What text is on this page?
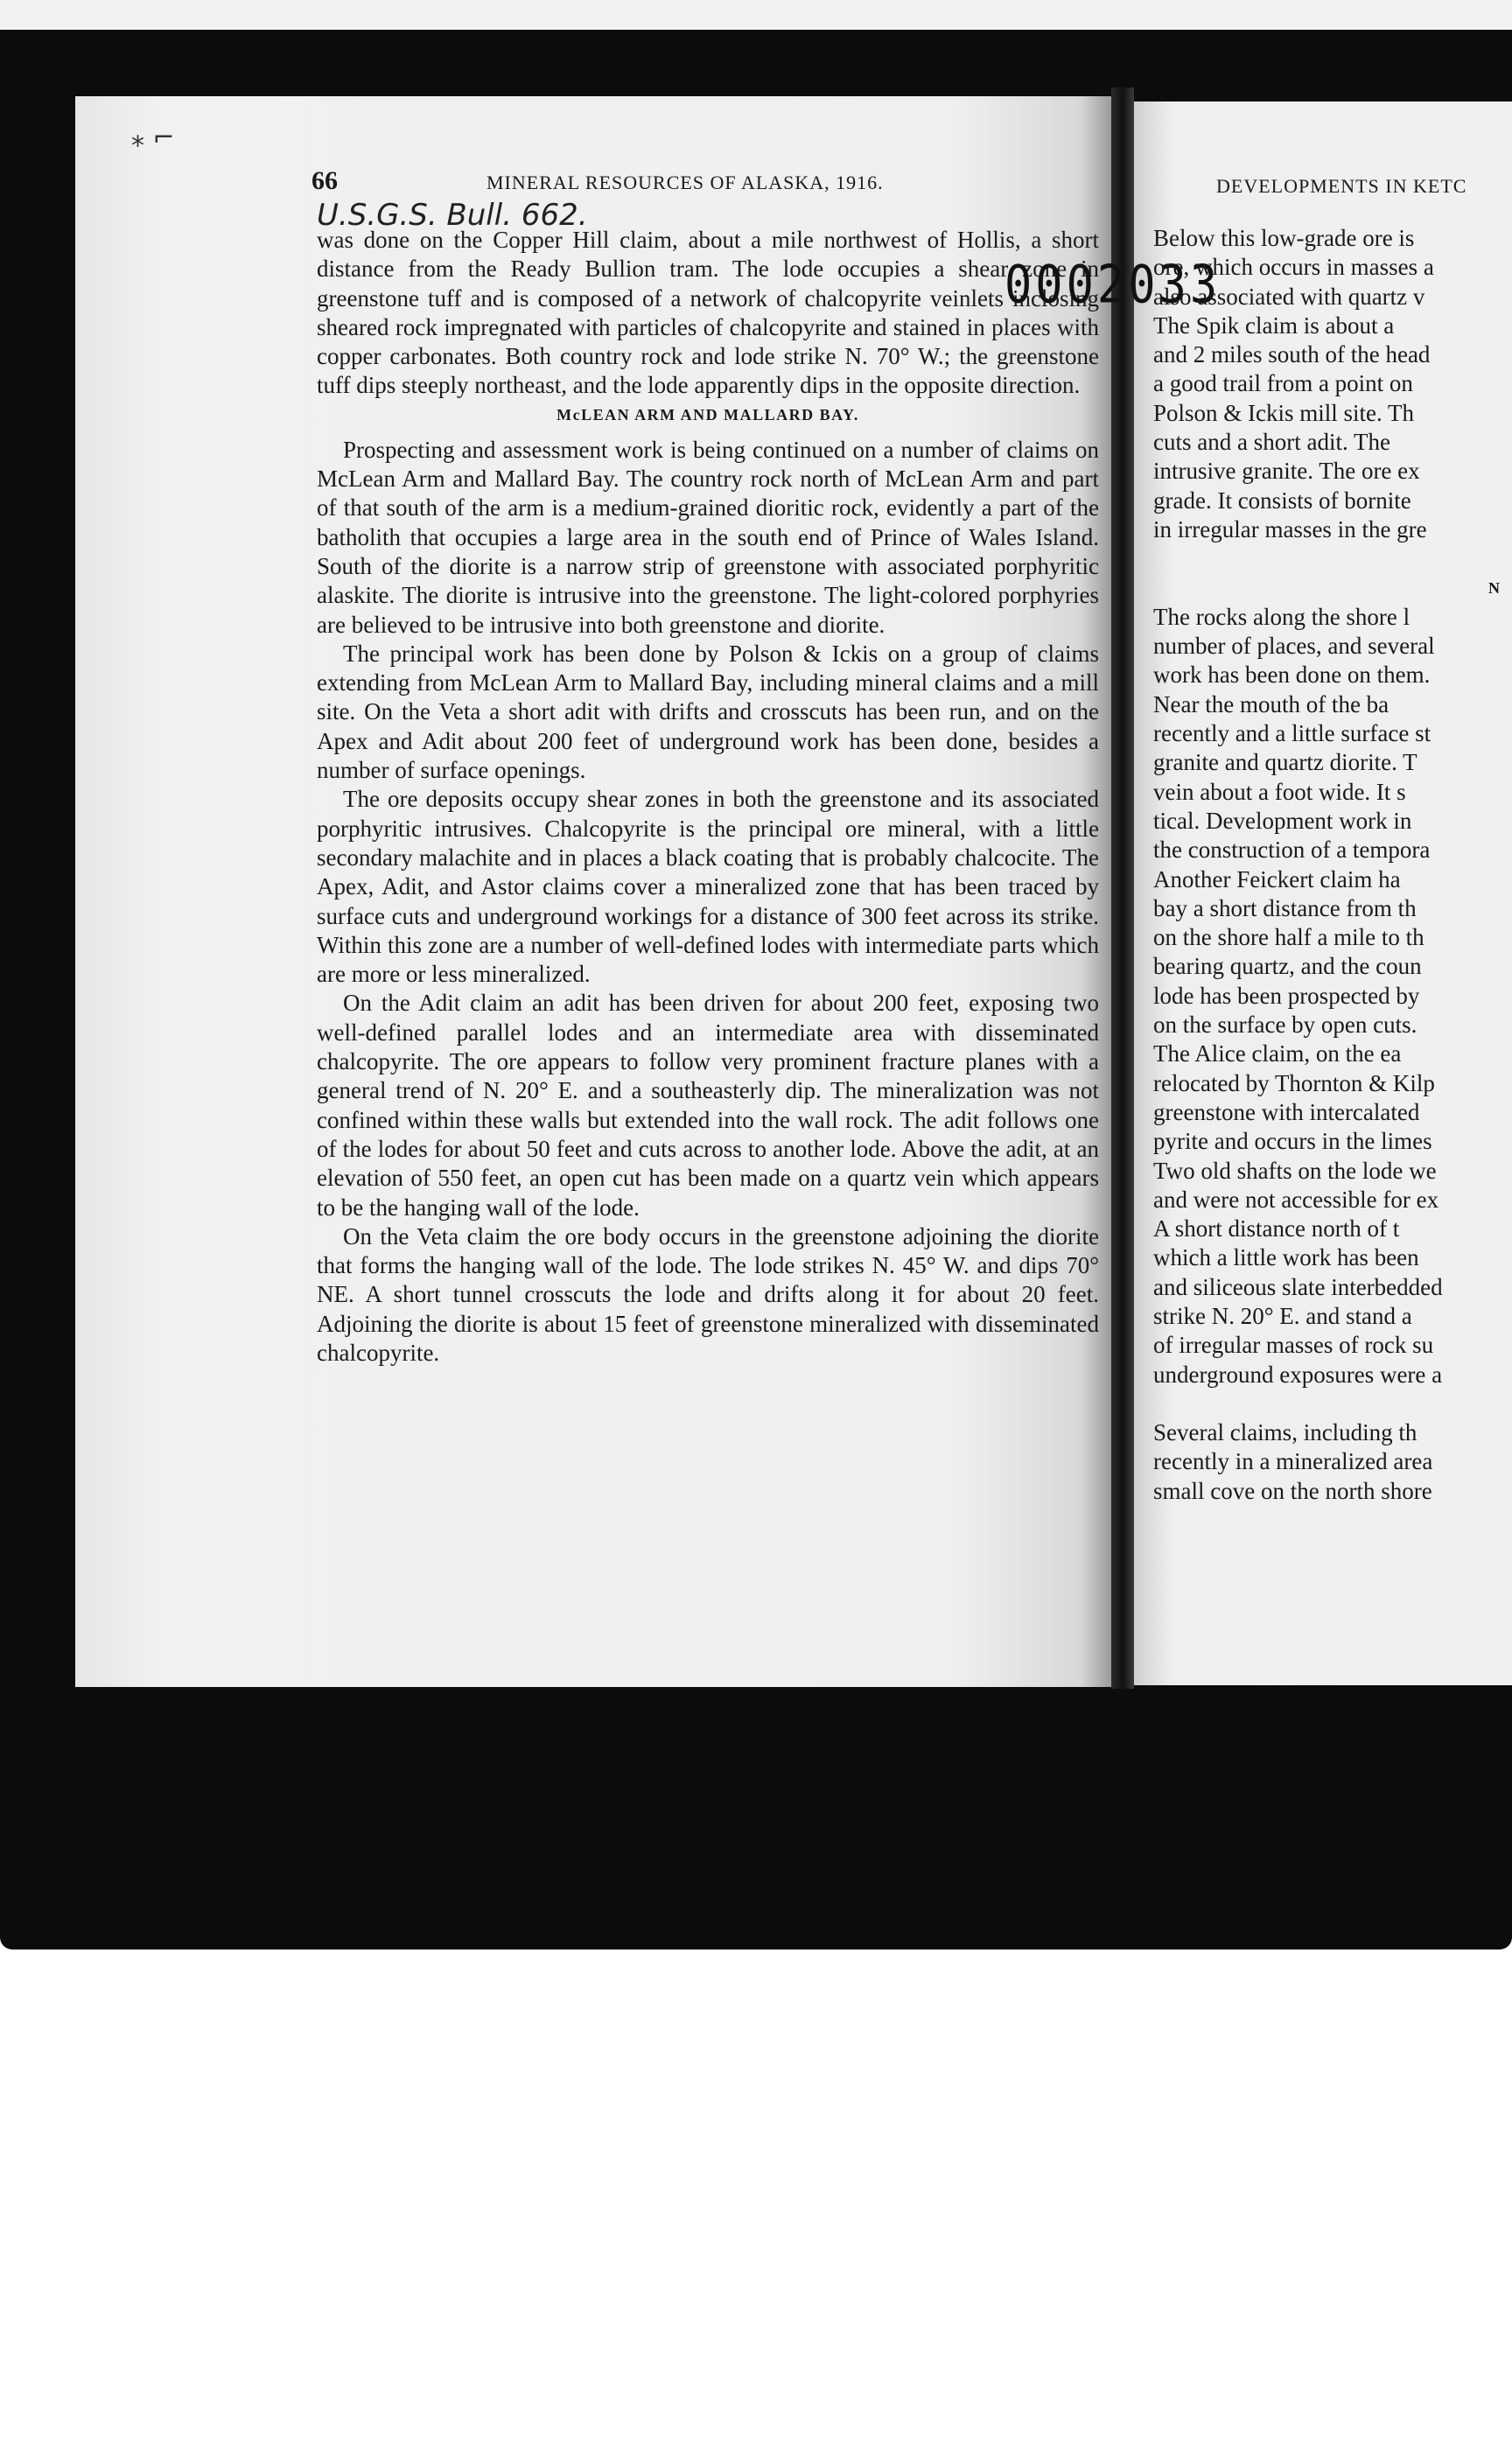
⁎ ⌐
66	MINERAL RESOURCES OF ALASKA, 1916.
U.S.G.S. Bull. 662.

was done on the Copper Hill claim, about a mile northwest of Hollis, a short distance from the Ready Bullion tram. The lode occupies a shear zone in greenstone tuff and is composed of a network of chalcopyrite veinlets inclosing sheared rock impregnated with particles of chalcopyrite and stained in places with copper carbonates. Both country rock and lode strike N. 70° W.; the greenstone tuff dips steeply northeast, and the lode apparently dips in the opposite direction.

McLEAN ARM AND MALLARD BAY.

Prospecting and assessment work is being continued on a number of claims on McLean Arm and Mallard Bay. The country rock north of McLean Arm and part of that south of the arm is a medium-grained dioritic rock, evidently a part of the batholith that occupies a large area in the south end of Prince of Wales Island. South of the diorite is a narrow strip of greenstone with associated porphyritic alaskite. The diorite is intrusive into the greenstone. The light-colored porphyries are believed to be intrusive into both greenstone and diorite.

The principal work has been done by Polson & Ickis on a group of claims extending from McLean Arm to Mallard Bay, including mineral claims and a mill site. On the Veta a short adit with drifts and crosscuts has been run, and on the Apex and Adit about 200 feet of underground work has been done, besides a number of surface openings.

The ore deposits occupy shear zones in both the greenstone and its associated porphyritic intrusives. Chalcopyrite is the principal ore mineral, with a little secondary malachite and in places a black coating that is probably chalcocite. The Apex, Adit, and Astor claims cover a mineralized zone that has been traced by surface cuts and underground workings for a distance of 300 feet across its strike. Within this zone are a number of well-defined lodes with intermediate parts which are more or less mineralized.

On the Adit claim an adit has been driven for about 200 feet, exposing two well-defined parallel lodes and an intermediate area with disseminated chalcopyrite. The ore appears to follow very prominent fracture planes with a general trend of N. 20° E. and a southeasterly dip. The mineralization was not confined within these walls but extended into the wall rock. The adit follows one of the lodes for about 50 feet and cuts across to another lode. Above the adit, at an elevation of 550 feet, an open cut has been made on a quartz vein which appears to be the hanging wall of the lode.

On the Veta claim the ore body occurs in the greenstone adjoining the diorite that forms the hanging wall of the lode. The lode strikes N. 45° W. and dips 70° NE. A short tunnel crosscuts the lode and drifts along it for about 20 feet. Adjoining the diorite is about 15 feet of greenstone mineralized with disseminated chalcopyrite.

0002033
DEVELOPMENTS IN KETC
Below this low-grade ore is
ore, which occurs in masses a
also associated with quartz v
The Spik claim is about a
and 2 miles south of the head
a good trail from a point on
Polson & Ickis mill site. Th
cuts and a short adit. The
intrusive granite. The ore ex
grade. It consists of bornite
in irregular masses in the gre
N
The rocks along the shore l
number of places, and several
work has been done on them.
Near the mouth of the ba
recently and a little surface st
granite and quartz diorite. T
vein about a foot wide. It s
tical. Development work in
the construction of a tempora
Another Feickert claim ha
bay a short distance from th
on the shore half a mile to th
bearing quartz, and the coun
lode has been prospected by
on the surface by open cuts.
The Alice claim, on the ea
relocated by Thornton & Kilp
greenstone with intercalated
pyrite and occurs in the limes
Two old shafts on the lode we
and were not accessible for ex
A short distance north of t
which a little work has been
and siliceous slate interbedded
strike N. 20° E. and stand a
of irregular masses of rock su
underground exposures were a
Several claims, including th
recently in a mineralized area
small cove on the north shore
